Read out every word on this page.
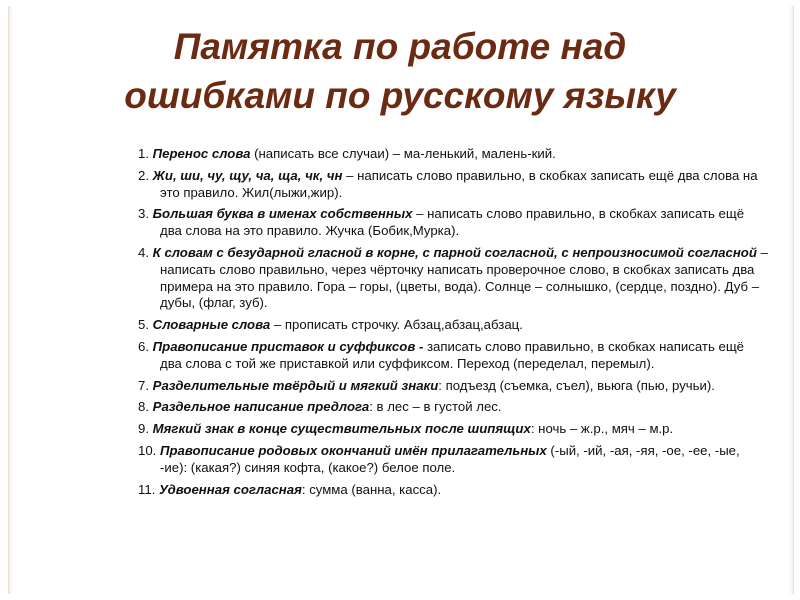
Памятка по работе над
ошибками по русскому языку
1. Перенос слова (написать все случаи) – ма-ленький, малень-кий.
2. Жи, ши, чу, щу, ча, ща, чк, чн – написать слово правильно, в скобках записать ещё два слова на это правило. Жил(лыжи,жир).
3. Большая буква в именах собственных – написать слово правильно, в скобках записать ещё два слова на это правило. Жучка (Бобик,Мурка).
4. К словам с безударной гласной в корне, с парной согласной, с непроизносимой согласной – написать слово правильно, через чёрточку написать проверочное слово, в скобках записать два примера на это правило. Гора – горы, (цветы, вода). Солнце – солнышко, (сердце, поздно). Дуб – дубы, (флаг, зуб).
5. Словарные слова – прописать строчку. Абзац,абзац,абзац.
6. Правописание приставок и суффиксов - записать слово правильно, в скобках написать ещё два слова с той же приставкой или суффиксом. Переход (переделал, перемыл).
7. Разделительные твёрдый и мягкий знаки: подъезд (съемка, съел), вьюга (пью, ручьи).
8. Раздельное написание предлога: в лес – в густой лес.
9. Мягкий знак в конце существительных после шипящих: ночь – ж.р., мяч – м.р.
10. Правописание родовых окончаний имён прилагательных (-ый, -ий, -ая, -яя, -ое, -ее, -ые, -ие): (какая?) синяя кофта, (какое?) белое поле.
11. Удвоенная согласная: сумма (ванна, касса).
